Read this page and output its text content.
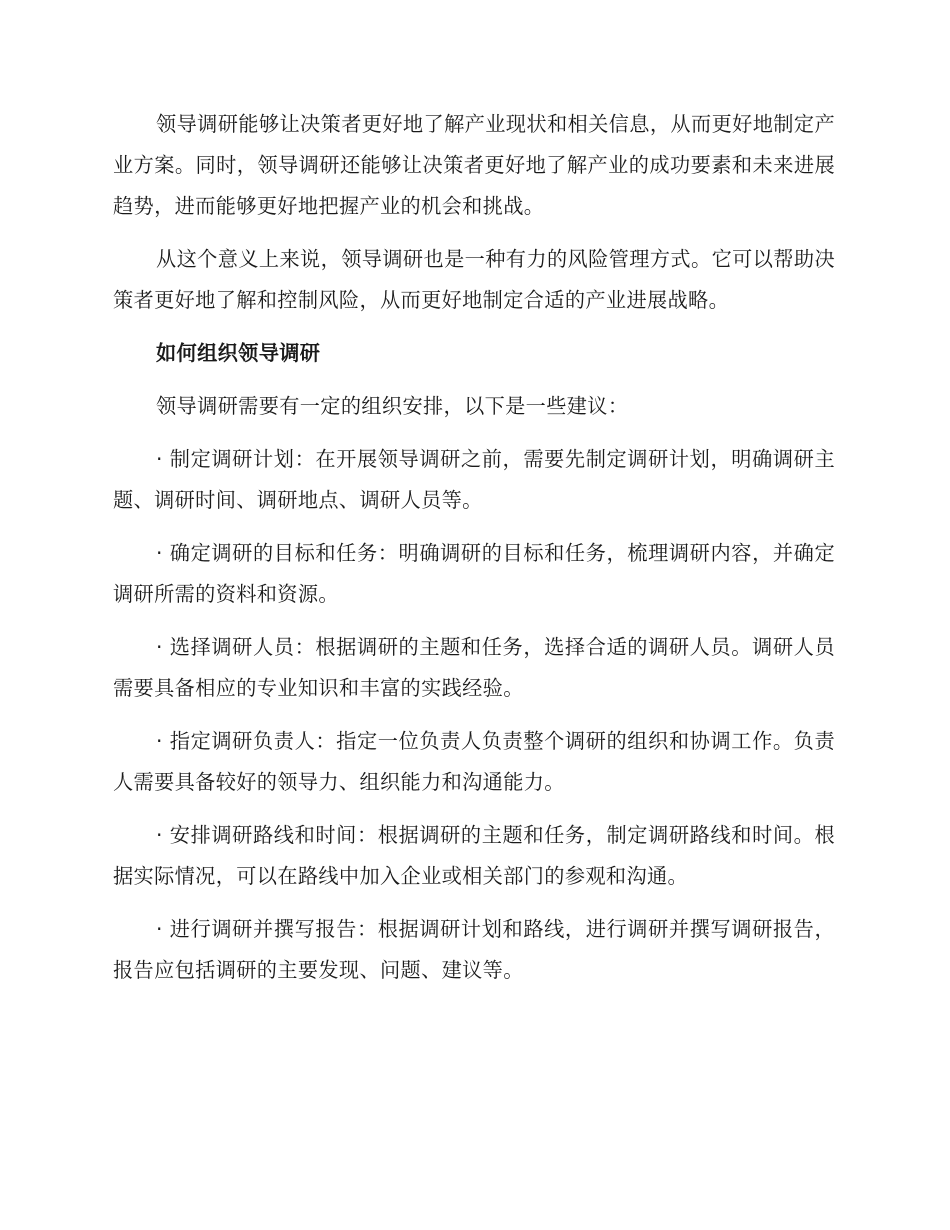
领导调研能够让决策者更好地了解产业现状和相关信息，从而更好地制定产业方案。同时，领导调研还能够让决策者更好地了解产业的成功要素和未来进展趋势，进而能够更好地把握产业的机会和挑战。

从这个意义上来说，领导调研也是一种有力的风险管理方式。它可以帮助决策者更好地了解和控制风险，从而更好地制定合适的产业进展战略。

如何组织领导调研

领导调研需要有一定的组织安排，以下是一些建议：

· 制定调研计划：在开展领导调研之前，需要先制定调研计划，明确调研主题、调研时间、调研地点、调研人员等。

· 确定调研的目标和任务：明确调研的目标和任务，梳理调研内容，并确定调研所需的资料和资源。

· 选择调研人员：根据调研的主题和任务，选择合适的调研人员。调研人员需要具备相应的专业知识和丰富的实践经验。

· 指定调研负责人：指定一位负责人负责整个调研的组织和协调工作。负责人需要具备较好的领导力、组织能力和沟通能力。

· 安排调研路线和时间：根据调研的主题和任务，制定调研路线和时间。根据实际情况，可以在路线中加入企业或相关部门的参观和沟通。

· 进行调研并撰写报告：根据调研计划和路线，进行调研并撰写调研报告，报告应包括调研的主要发现、问题、建议等。
